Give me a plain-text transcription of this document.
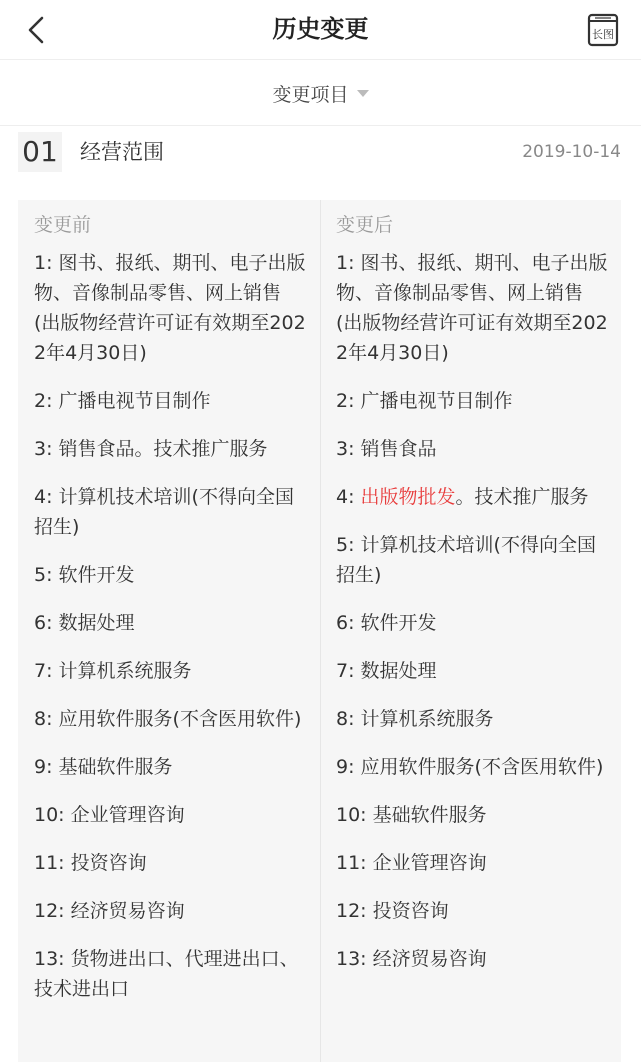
历史变更	长图
变更项目
01 经营范围	2019-10-14
变更前
1: 图书、报纸、期刊、电子出版物、音像制品零售、网上销售(出版物经营许可证有效期至2022年4月30日)
2: 广播电视节目制作
3: 销售食品。技术推广服务
4: 计算机技术培训(不得向全国招生)
5: 软件开发
6: 数据处理
7: 计算机系统服务
8: 应用软件服务(不含医用软件)
9: 基础软件服务
10: 企业管理咨询
11: 投资咨询
12: 经济贸易咨询
13: 货物进出口、代理进出口、技术进出口
变更后
1: 图书、报纸、期刊、电子出版物、音像制品零售、网上销售(出版物经营许可证有效期至2022年4月30日)
2: 广播电视节目制作
3: 销售食品
4: 出版物批发。技术推广服务
5: 计算机技术培训(不得向全国招生)
6: 软件开发
7: 数据处理
8: 计算机系统服务
9: 应用软件服务(不含医用软件)
10: 基础软件服务
11: 企业管理咨询
12: 投资咨询
13: 经济贸易咨询
